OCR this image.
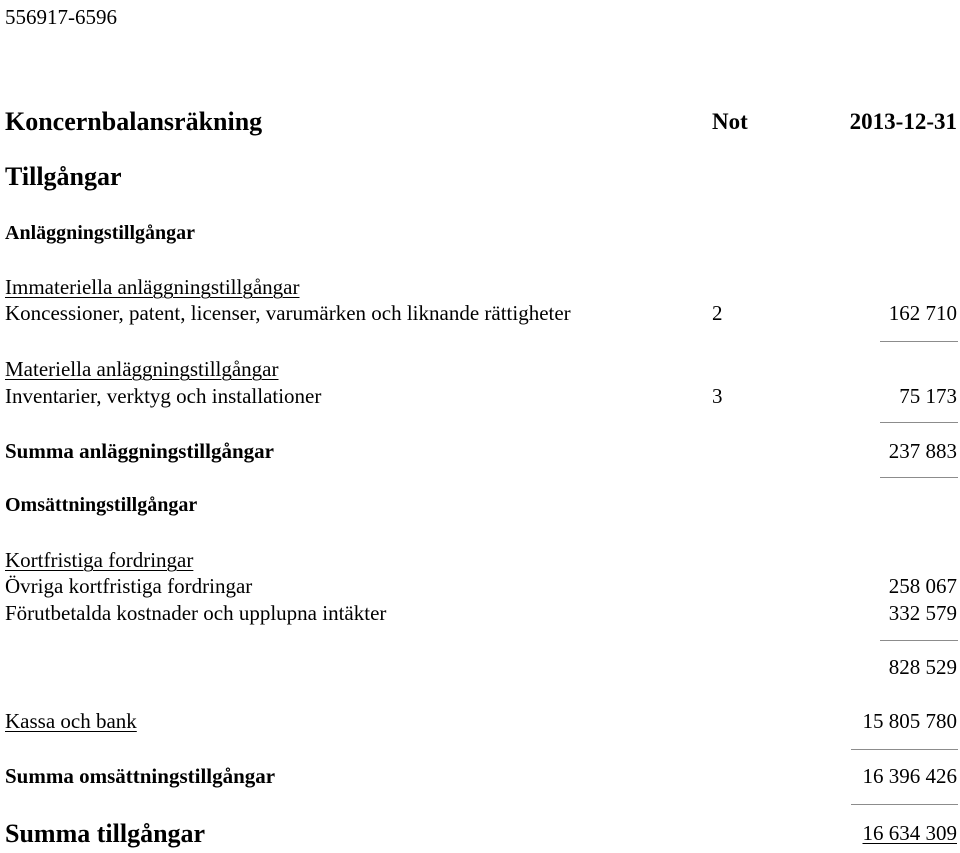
556917-6596
Koncernbalansräkning	Not	2013-12-31
Tillgångar
Anläggningstillgångar
Immateriella anläggningstillgångar
Koncessioner, patent, licenser, varumärken och liknande rättigheter	2	162 710
Materiella anläggningstillgångar
Inventarier, verktyg och installationer	3	75 173
Summa anläggningstillgångar	237 883
Omsättningstillgångar
Kortfristiga fordringar
Övriga kortfristiga fordringar	258 067
Förutbetalda kostnader och upplupna intäkter	332 579
828 529
Kassa och bank	15 805 780
Summa omsättningstillgångar	16 396 426
Summa tillgångar	16 634 309
